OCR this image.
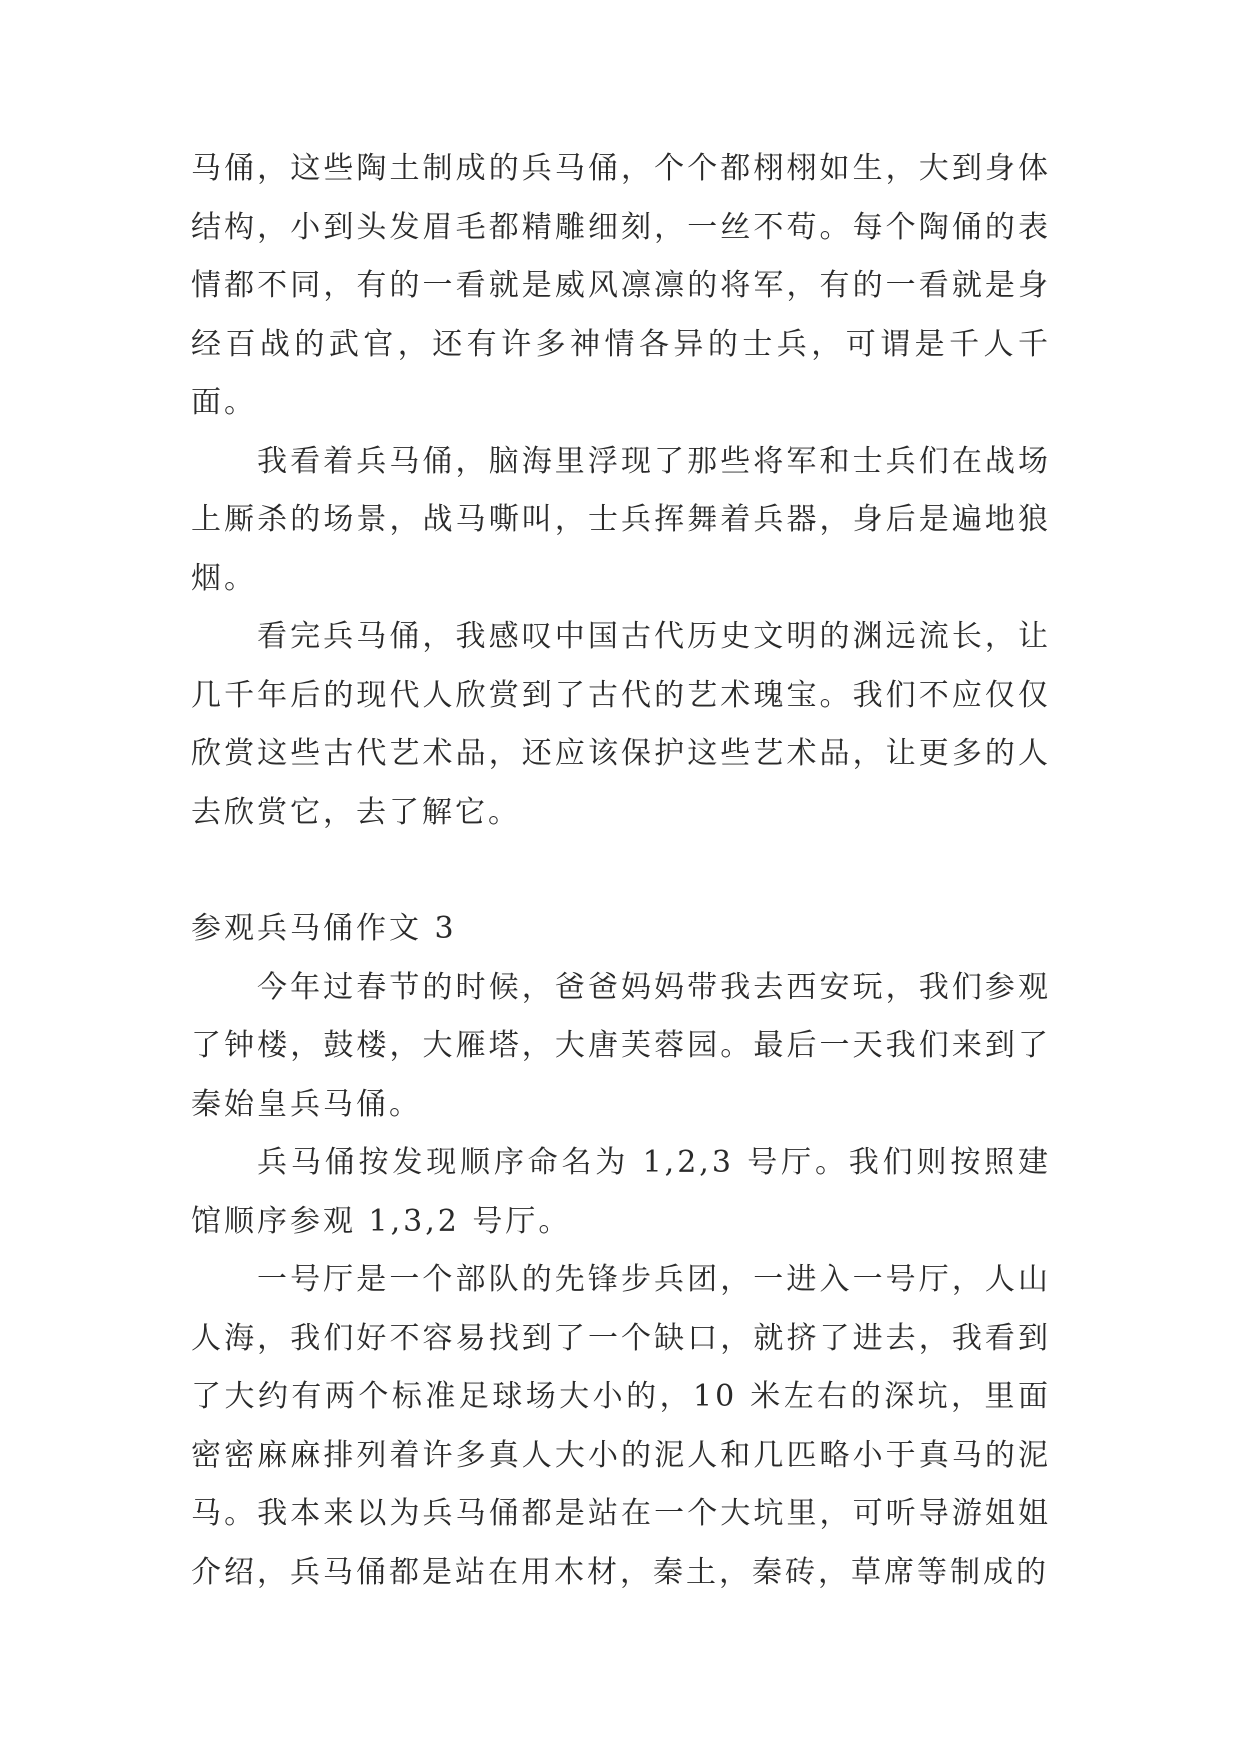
马俑，这些陶土制成的兵马俑，个个都栩栩如生，大到身体结构，小到头发眉毛都精雕细刻，一丝不苟。每个陶俑的表情都不同，有的一看就是威风凛凛的将军，有的一看就是身经百战的武官，还有许多神情各异的士兵，可谓是千人千面。

我看着兵马俑，脑海里浮现了那些将军和士兵们在战场上厮杀的场景，战马嘶叫，士兵挥舞着兵器，身后是遍地狼烟。

看完兵马俑，我感叹中国古代历史文明的渊远流长，让几千年后的现代人欣赏到了古代的艺术瑰宝。我们不应仅仅欣赏这些古代艺术品，还应该保护这些艺术品，让更多的人去欣赏它，去了解它。

参观兵马俑作文 3

今年过春节的时候，爸爸妈妈带我去西安玩，我们参观了钟楼，鼓楼，大雁塔，大唐芙蓉园。最后一天我们来到了秦始皇兵马俑。

兵马俑按发现顺序命名为 1,2,3 号厅。我们则按照建馆顺序参观 1,3,2 号厅。

一号厅是一个部队的先锋步兵团，一进入一号厅，人山人海，我们好不容易找到了一个缺口，就挤了进去，我看到了大约有两个标准足球场大小的，10 米左右的深坑，里面密密麻麻排列着许多真人大小的泥人和几匹略小于真马的泥马。我本来以为兵马俑都是站在一个大坑里，可听导游姐姐介绍，兵马俑都是站在用木材，秦土，秦砖，草席等制成的
